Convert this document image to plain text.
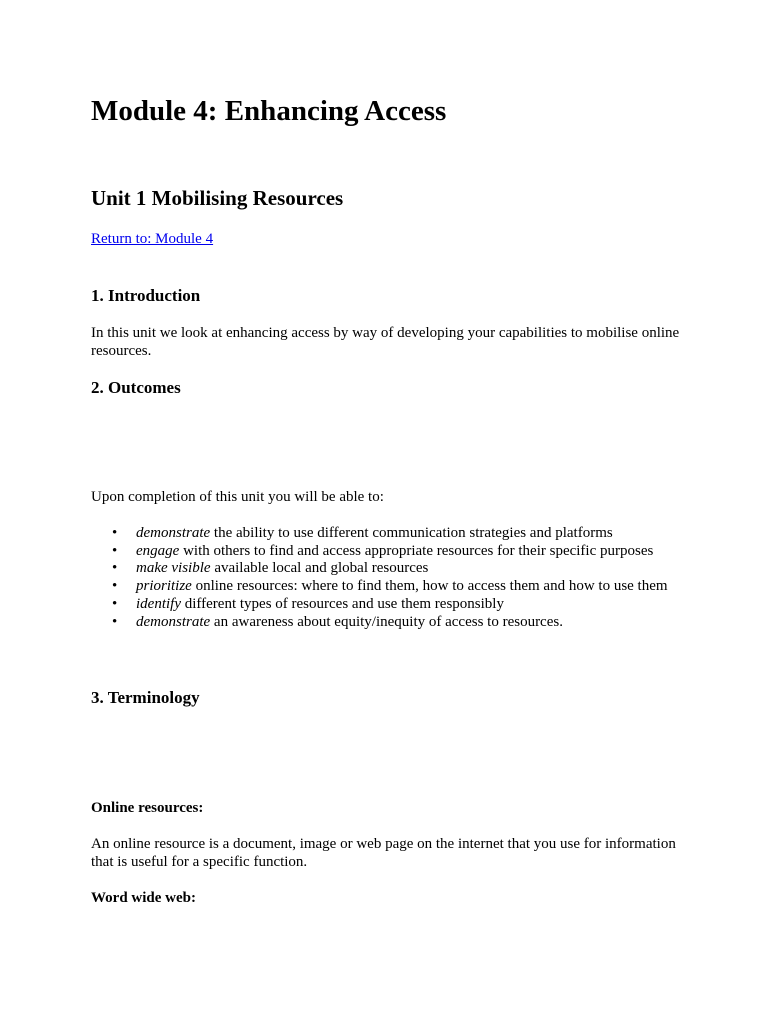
Module 4: Enhancing Access
Unit 1 Mobilising Resources
Return to: Module 4
1. Introduction

In this unit we look at enhancing access by way of developing your capabilities to mobilise online resources.

2. Outcomes

Upon completion of this unit you will be able to:

• demonstrate the ability to use different communication strategies and platforms
• engage with others to find and access appropriate resources for their specific purposes
• make visible available local and global resources
• prioritize online resources: where to find them, how to access them and how to use them
• identify different types of resources and use them responsibly
• demonstrate an awareness about equity/inequity of access to resources.
3. Terminology

Online resources:

An online resource is a document, image or web page on the internet that you use for information that is useful for a specific function.

Word wide web:
